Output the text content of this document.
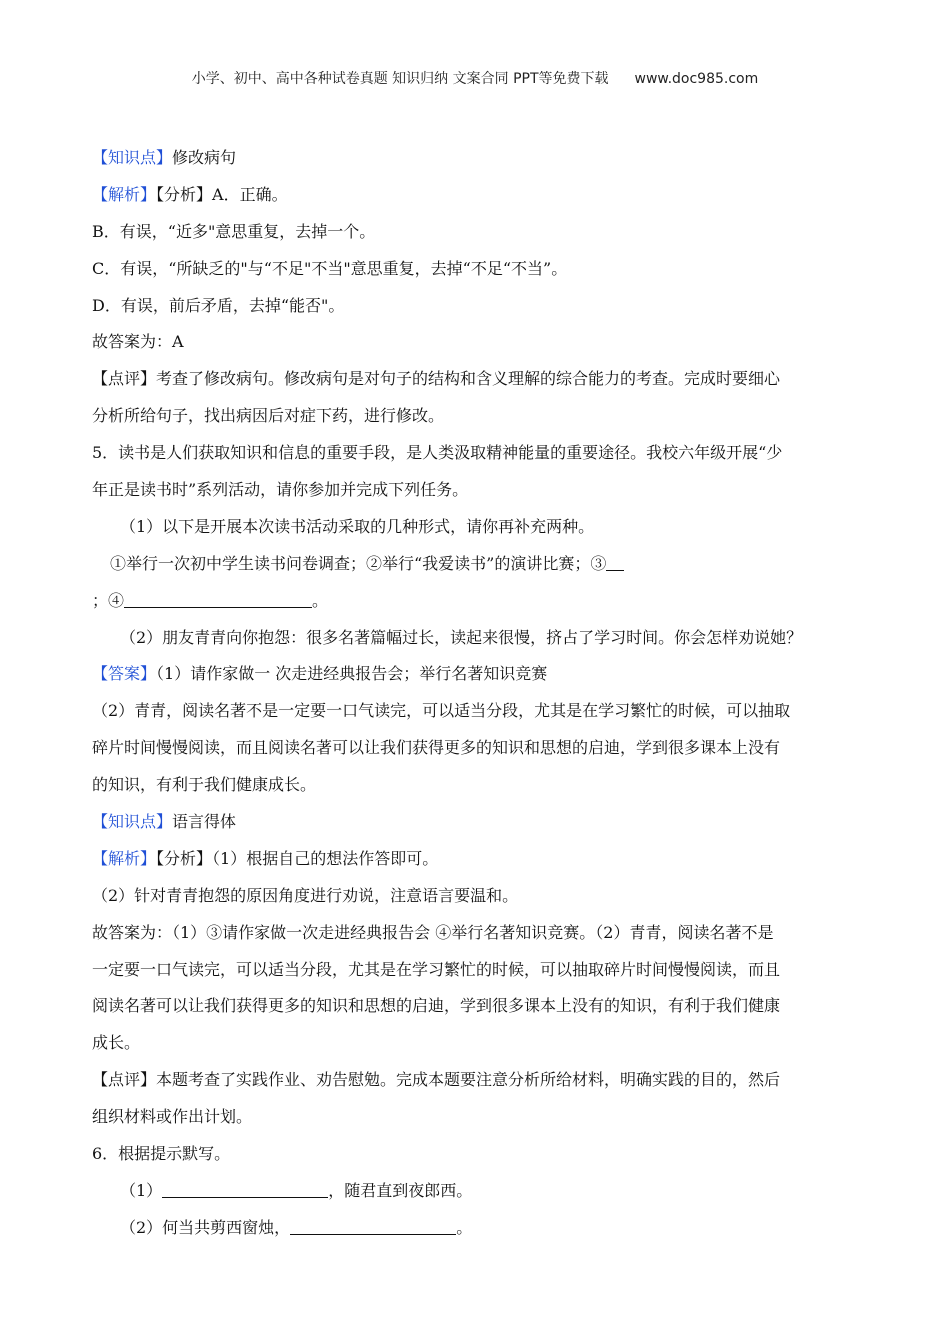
小学、初中、高中各种试卷真题 知识归纳 文案合同 PPT等免费下载 www.doc985.com
【知识点】修改病句
【解析】【分析】A．正确。
B．有误，“近多"意思重复，去掉一个。
C．有误，“所缺乏的"与“不足"不当"意思重复，去掉“不足“不当”。
D．有误，前后矛盾，去掉“能否"。
故答案为：A
【点评】考查了修改病句。修改病句是对句子的结构和含义理解的综合能力的考查。完成时要细心
分析所给句子，找出病因后对症下药，进行修改。
5．读书是人们获取知识和信息的重要手段，是人类汲取精神能量的重要途径。我校六年级开展“少
年正是读书时”系列活动，请你参加并完成下列任务。
（1）以下是开展本次读书活动采取的几种形式，请你再补充两种。
①举行一次初中学生读书问卷调查；②举行“我爱读书”的演讲比赛；③
；④	。
（2）朋友青青向你抱怨：很多名著篇幅过长，读起来很慢，挤占了学习时间。你会怎样劝说她？
【答案】（1）请作家做一 次走进经典报告会；举行名著知识竞赛
（2）青青，阅读名著不是一定要一口气读完，可以适当分段，尤其是在学习繁忙的时候，可以抽取
碎片时间慢慢阅读，而且阅读名著可以让我们获得更多的知识和思想的启迪，学到很多课本上没有
的知识，有利于我们健康成长。
【知识点】语言得体
【解析】【分析】（1）根据自己的想法作答即可。
（2）针对青青抱怨的原因角度进行劝说，注意语言要温和。
故答案为：（1）③请作家做一次走进经典报告会 ④举行名著知识竞赛。（2）青青，阅读名著不是
一定要一口气读完，可以适当分段，尤其是在学习繁忙的时候，可以抽取碎片时间慢慢阅读，而且
阅读名著可以让我们获得更多的知识和思想的启迪，学到很多课本上没有的知识，有利于我们健康
成长。
【点评】本题考查了实践作业、劝告慰勉。完成本题要注意分析所给材料，明确实践的目的，然后
组织材料或作出计划。
6．根据提示默写。
（1）	，随君直到夜郎西。
（2）何当共剪西窗烛，	。
